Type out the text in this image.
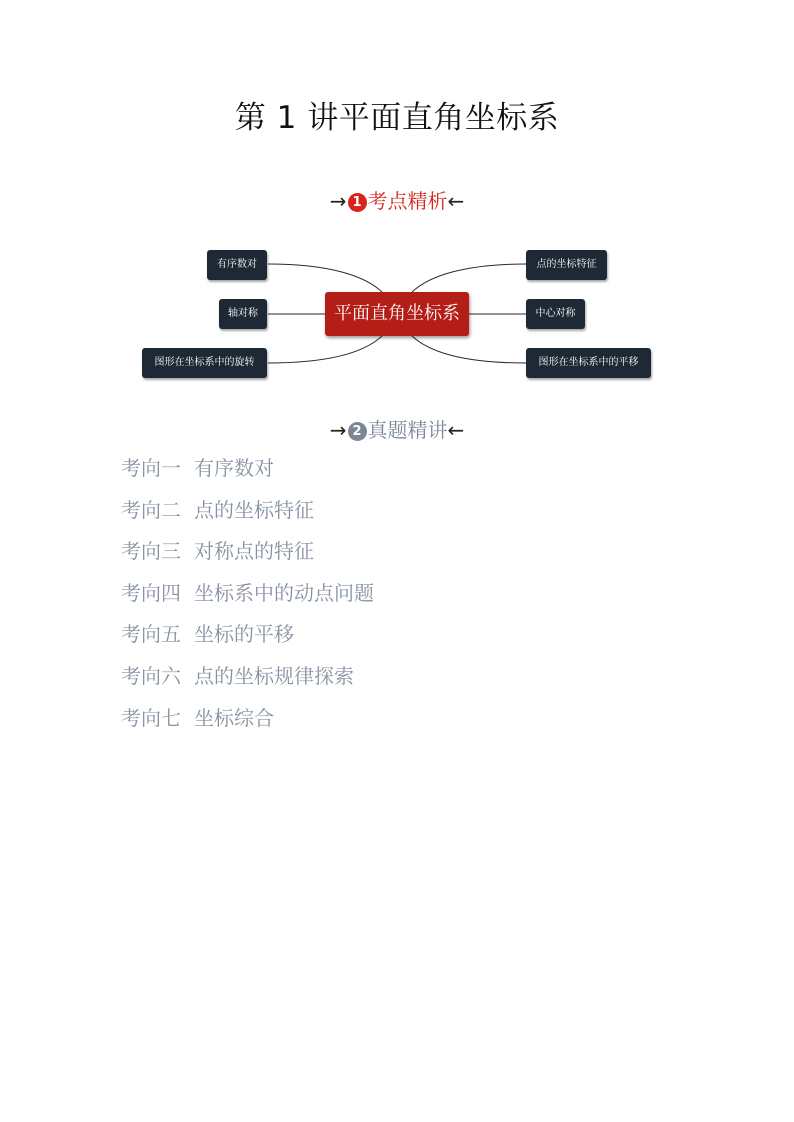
第 1 讲平面直角坐标系
→ 1 考点精析←
有序数对
轴对称
图形在坐标系中的旋转
平面直角坐标系
点的坐标特征
中心对称
图形在坐标系中的平移
→ 2 真题精讲←
考向一 有序数对
考向二 点的坐标特征
考向三 对称点的特征
考向四 坐标系中的动点问题
考向五 坐标的平移
考向六 点的坐标规律探索
考向七 坐标综合
